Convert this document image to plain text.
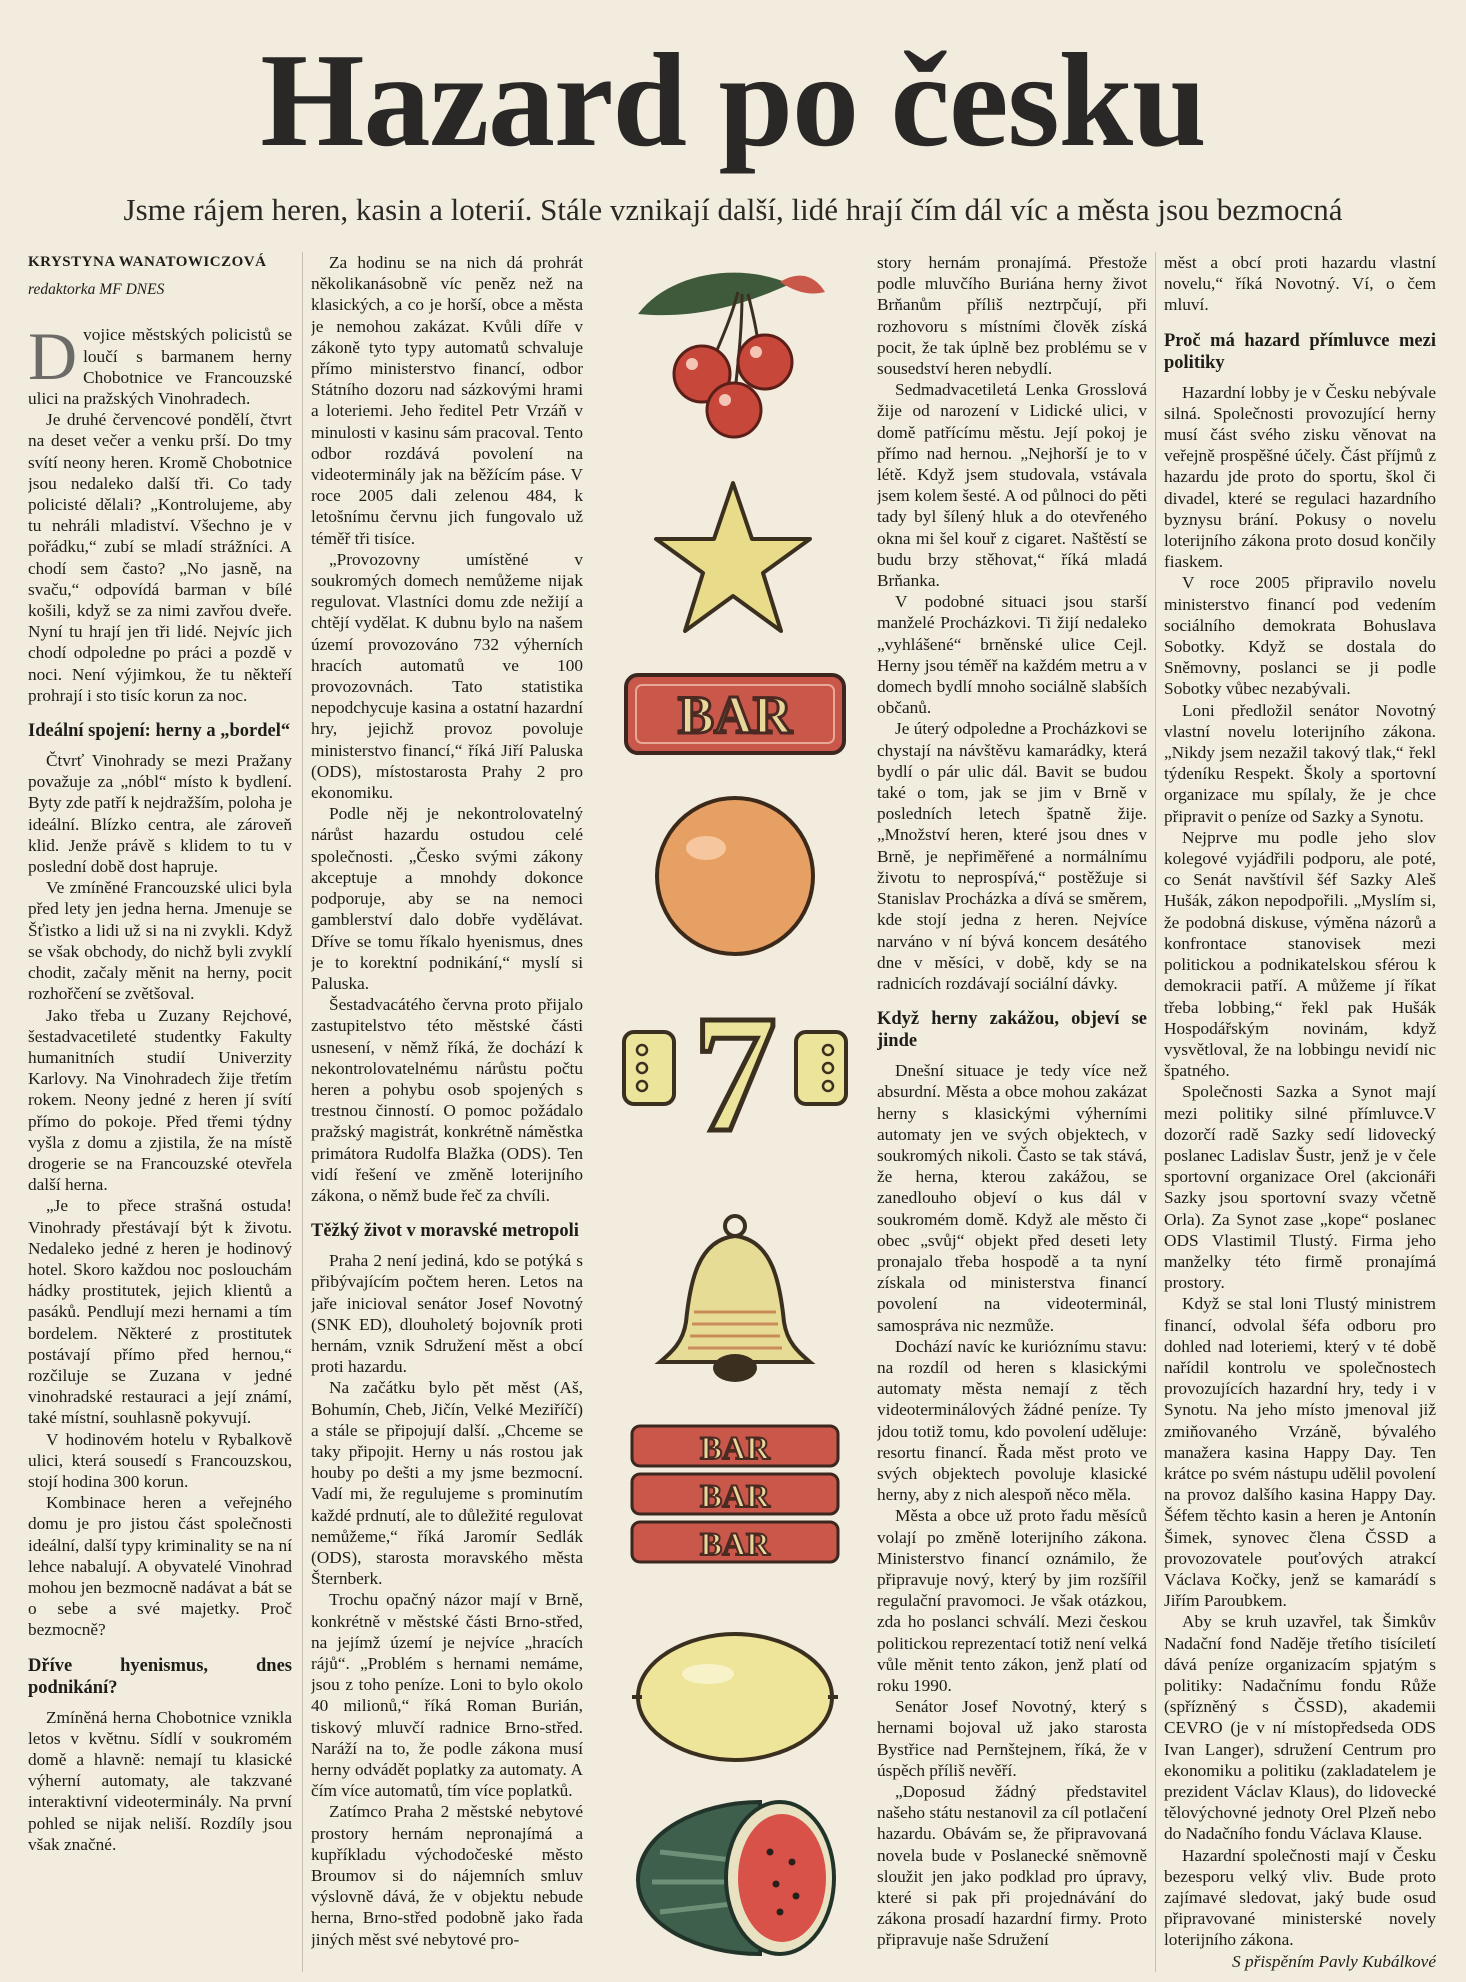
Hazard po česku
Jsme rájem heren, kasin a loterií. Stále vznikají další, lidé hrají čím dál víc a města jsou bezmocná
KRYSTYNA WANATOWICZOVÁ
redaktorka MF DNES

Dvojice městských policistů se loučí s barmanem herny Chobotnice ve Francouzské ulici na pražských Vinohradech.

Je druhé červencové pondělí, čtvrt na deset večer a venku prší. Do tmy svítí neony heren. Kromě Chobotnice jsou nedaleko další tři. Co tady policisté dělali? „Kontrolujeme, aby tu nehráli mladiství. Všechno je v pořádku,“ zubí se mladí strážníci. A chodí sem často? „No jasně, na svaču,“ odpovídá barman v bílé košili, když se za nimi zavřou dveře. Nyní tu hrají jen tři lidé. Nejvíc jich chodí odpoledne po práci a pozdě v noci. Není výjimkou, že tu někteří prohrají i sto tisíc korun za noc.

Ideální spojení: herny a „bordel“

Čtvrť Vinohrady se mezi Pražany považuje za „nóbl“ místo k bydlení. Byty zde patří k nejdražším, poloha je ideální. Blízko centra, ale zároveň klid. Jenže právě s klidem to tu v poslední době dost hapruje.

Ve zmíněné Francouzské ulici byla před lety jen jedna herna. Jmenuje se Šťistko a lidi už si na ni zvykli. Když se však obchody, do nichž byli zvyklí chodit, začaly měnit na herny, pocit rozhořčení se zvětšoval.

Jako třeba u Zuzany Rejchové, šestadvacetileté studentky Fakulty humanitních studií Univerzity Karlovy. Na Vinohradech žije třetím rokem. Neony jedné z heren jí svítí přímo do pokoje. Před třemi týdny vyšla z domu a zjistila, že na místě drogerie se na Francouzské otevřela další herna.

„Je to přece strašná ostuda! Vinohrady přestávají být k životu. Nedaleko jedné z heren je hodinový hotel. Skoro každou noc poslouchám hádky prostitutek, jejich klientů a pasáků. Pendlují mezi hernami a tím bordelem. Některé z prostitutek postávají přímo před hernou,“ rozčiluje se Zuzana v jedné vinohradské restauraci a její známí, také místní, souhlasně pokyvují.

V hodinovém hotelu v Rybalkově ulici, která sousedí s Francouzskou, stojí hodina 300 korun.

Kombinace heren a veřejného domu je pro jistou část společnosti ideální, další typy kriminality se na ní lehce nabalují. A obyvatelé Vinohrad mohou jen bezmocně nadávat a bát se o sebe a své majetky. Proč bezmocně?

Dříve hyenismus, dnes podnikání?

Zmíněná herna Chobotnice vznikla letos v květnu. Sídlí v soukromém domě a hlavně: nemají tu klasické výherní automaty, ale takzvané interaktivní videoterminály. Na první pohled se nijak neliší. Rozdíly jsou však značné.

Za hodinu se na nich dá prohrát několikanásobně víc peněz než na klasických, a co je horší, obce a města je nemohou zakázat. Kvůli díře v zákoně tyto typy automatů schvaluje přímo ministerstvo financí, odbor Státního dozoru nad sázkovými hrami a loteriemi. Jeho ředitel Petr Vrzáň v minulosti v kasinu sám pracoval. Tento odbor rozdává povolení na videoterminály jak na běžícím páse. V roce 2005 dali zelenou 484, k letošnímu červnu jich fungovalo už téměř tři tisíce.

„Provozovny umístěné v soukromých domech nemůžeme nijak regulovat. Vlastníci domu zde nežijí a chtějí vydělat. K dubnu bylo na našem území provozováno 732 výherních hracích automatů ve 100 provozovnách. Tato statistika nepodchycuje kasina a ostatní hazardní hry, jejichž provoz povoluje ministerstvo financí,“ říká Jiří Paluska (ODS), místostarosta Prahy 2 pro ekonomiku.

Podle něj je nekontrolovatelný nárůst hazardu ostudou celé společnosti. „Česko svými zákony akceptuje a mnohdy dokonce podporuje, aby se na nemoci gamblerství dalo dobře vydělávat. Dříve se tomu říkalo hyenismus, dnes je to korektní podnikání,“ myslí si Paluska.

Šestadvacátého června proto přijalo zastupitelstvo této městské části usnesení, v němž říká, že dochází k nekontrolovatelnému nárůstu počtu heren a pohybu osob spojených s trestnou činností. O pomoc požádalo pražský magistrát, konkrétně náměstka primátora Rudolfa Blažka (ODS). Ten vidí řešení ve změně loterijního zákona, o němž bude řeč za chvíli.

Těžký život v moravské metropoli

Praha 2 není jediná, kdo se potýká s přibývajícím počtem heren. Letos na jaře inicioval senátor Josef Novotný (SNK ED), dlouholetý bojovník proti hernám, vznik Sdružení měst a obcí proti hazardu.

Na začátku bylo pět měst (Aš, Bohumín, Cheb, Jičín, Velké Meziříčí) a stále se připojují další. „Chceme se taky připojit. Herny u nás rostou jak houby po dešti a my jsme bezmocní. Vadí mi, že regulujeme s prominutím každé prdnutí, ale to důležité regulovat nemůžeme,“ říká Jaromír Sedlák (ODS), starosta moravského města Šternberk.

Trochu opačný názor mají v Brně, konkrétně v městské části Brno-střed, na jejímž území je nejvíce „hracích rájů“. „Problém s hernami nemáme, jsou z toho peníze. Loni to bylo okolo 40 milionů,“ říká Roman Burián, tiskový mluvčí radnice Brno-střed. Naráží na to, že podle zákona musí herny odvádět poplatky za automaty. A čím více automatů, tím více poplatků.

Zatímco Praha 2 městské nebytové prostory hernám nepronajímá a kupříkladu východočeské město Broumov si do nájemních smluv výslovně dává, že v objektu nebude herna, Brno-střed podobně jako řada jiných měst své nebytové pro-

BAR
7
BAR
BAR
BAR

story hernám pronajímá. Přestože podle mluvčího Buriána herny život Brňanům příliš neztrpčují, při rozhovoru s místními člověk získá pocit, že tak úplně bez problému se v sousedství heren nebydlí.

Sedmadvacetiletá Lenka Grosslová žije od narození v Lidické ulici, v domě patřícímu městu. Její pokoj je přímo nad hernou. „Nejhorší je to v létě. Když jsem studovala, vstávala jsem kolem šesté. A od půlnoci do pěti tady byl šílený hluk a do otevřeného okna mi šel kouř z cigaret. Naštěstí se budu brzy stěhovat,“ říká mladá Brňanka.

V podobné situaci jsou starší manželé Procházkovi. Ti žijí nedaleko „vyhlášené“ brněnské ulice Cejl. Herny jsou téměř na každém metru a v domech bydlí mnoho sociálně slabších občanů.

Je úterý odpoledne a Procházkovi se chystají na návštěvu kamarádky, která bydlí o pár ulic dál. Bavit se budou také o tom, jak se jim v Brně v posledních letech špatně žije. „Množství heren, které jsou dnes v Brně, je nepřiměřené a normálnímu životu to neprospívá,“ postěžuje si Stanislav Procházka a dívá se směrem, kde stojí jedna z heren. Nejvíce narváno v ní bývá koncem desátého dne v měsíci, v době, kdy se na radnicích rozdávají sociální dávky.

Když herny zakážou, objeví se jinde

Dnešní situace je tedy více než absurdní. Města a obce mohou zakázat herny s klasickými výherními automaty jen ve svých objektech, v soukromých nikoli. Často se tak stává, že herna, kterou zakážou, se zanedlouho objeví o kus dál v soukromém domě. Když ale město či obec „svůj“ objekt před deseti lety pronajalo třeba hospodě a ta nyní získala od ministerstva financí povolení na videoterminál, samospráva nic nezmůže.

Dochází navíc ke kurióznímu stavu: na rozdíl od heren s klasickými automaty města nemají z těch videoterminálových žádné peníze. Ty jdou totiž tomu, kdo povolení uděluje: resortu financí. Řada měst proto ve svých objektech povoluje klasické herny, aby z nich alespoň něco měla.

Města a obce už proto řadu měsíců volají po změně loterijního zákona. Ministerstvo financí oznámilo, že připravuje nový, který by jim rozšířil regulační pravomoci. Je však otázkou, zda ho poslanci schválí. Mezi českou politickou reprezentací totiž není velká vůle měnit tento zákon, jenž platí od roku 1990.

Senátor Josef Novotný, který s hernami bojoval už jako starosta Bystřice nad Pernštejnem, říká, že v úspěch příliš nevěří.

„Doposud žádný představitel našeho státu nestanovil za cíl potlačení hazardu. Obávám se, že připravovaná novela bude v Poslanecké sněmovně sloužit jen jako podklad pro úpravy, které si pak při projednávání do zákona prosadí hazardní firmy. Proto připravuje naše Sdružení

měst a obcí proti hazardu vlastní novelu,“ říká Novotný. Ví, o čem mluví.

Proč má hazard přímluvce mezi politiky

Hazardní lobby je v Česku nebývale silná. Společnosti provozující herny musí část svého zisku věnovat na veřejně prospěšné účely. Část příjmů z hazardu jde proto do sportu, škol či divadel, které se regulaci hazardního byznysu brání. Pokusy o novelu loterijního zákona proto dosud končily fiaskem.

V roce 2005 připravilo novelu ministerstvo financí pod vedením sociálního demokrata Bohuslava Sobotky. Když se dostala do Sněmovny, poslanci se ji podle Sobotky vůbec nezabývali.

Loni předložil senátor Novotný vlastní novelu loterijního zákona. „Nikdy jsem nezažil takový tlak,“ řekl týdeníku Respekt. Školy a sportovní organizace mu spílaly, že je chce připravit o peníze od Sazky a Synotu.

Nejprve mu podle jeho slov kolegové vyjádřili podporu, ale poté, co Senát navštívil šéf Sazky Aleš Hušák, zákon nepodpořili. „Myslím si, že podobná diskuse, výměna názorů a konfrontace stanovisek mezi politickou a podnikatelskou sférou k demokracii patří. A můžeme jí říkat třeba lobbing,“ řekl pak Hušák Hospodářským novinám, když vysvětloval, že na lobbingu nevidí nic špatného.

Společnosti Sazka a Synot mají mezi politiky silné přímluvce.V dozorčí radě Sazky sedí lidovecký poslanec Ladislav Šustr, jenž je v čele sportovní organizace Orel (akcionáři Sazky jsou sportovní svazy včetně Orla). Za Synot zase „kope“ poslanec ODS Vlastimil Tlustý. Firma jeho manželky této firmě pronajímá prostory.

Když se stal loni Tlustý ministrem financí, odvolal šéfa odboru pro dohled nad loteriemi, který v té době nařídil kontrolu ve společnostech provozujících hazardní hry, tedy i v Synotu. Na jeho místo jmenoval již zmiňovaného Vrzáně, bývalého manažera kasina Happy Day. Ten krátce po svém nástupu udělil povolení na provoz dalšího kasina Happy Day. Šéfem těchto kasin a heren je Antonín Šimek, synovec člena ČSSD a provozovatele pouťových atrakcí Václava Kočky, jenž se kamarádí s Jiřím Paroubkem.

Aby se kruh uzavřel, tak Šimkův Nadační fond Naděje třetího tisíciletí dává peníze organizacím spjatým s politiky: Nadačnímu fondu Růže (spřízněný s ČSSD), akademii CEVRO (je v ní místopředseda ODS Ivan Langer), sdružení Centrum pro ekonomiku a politiku (zakladatelem je prezident Václav Klaus), do lidovecké tělovýchovné jednoty Orel Plzeň nebo do Nadačního fondu Václava Klause.

Hazardní společnosti mají v Česku bezesporu velký vliv. Bude proto zajímavé sledovat, jaký bude osud připravované ministerské novely loterijního zákona.

S přispěním Pavly Kubálkové
